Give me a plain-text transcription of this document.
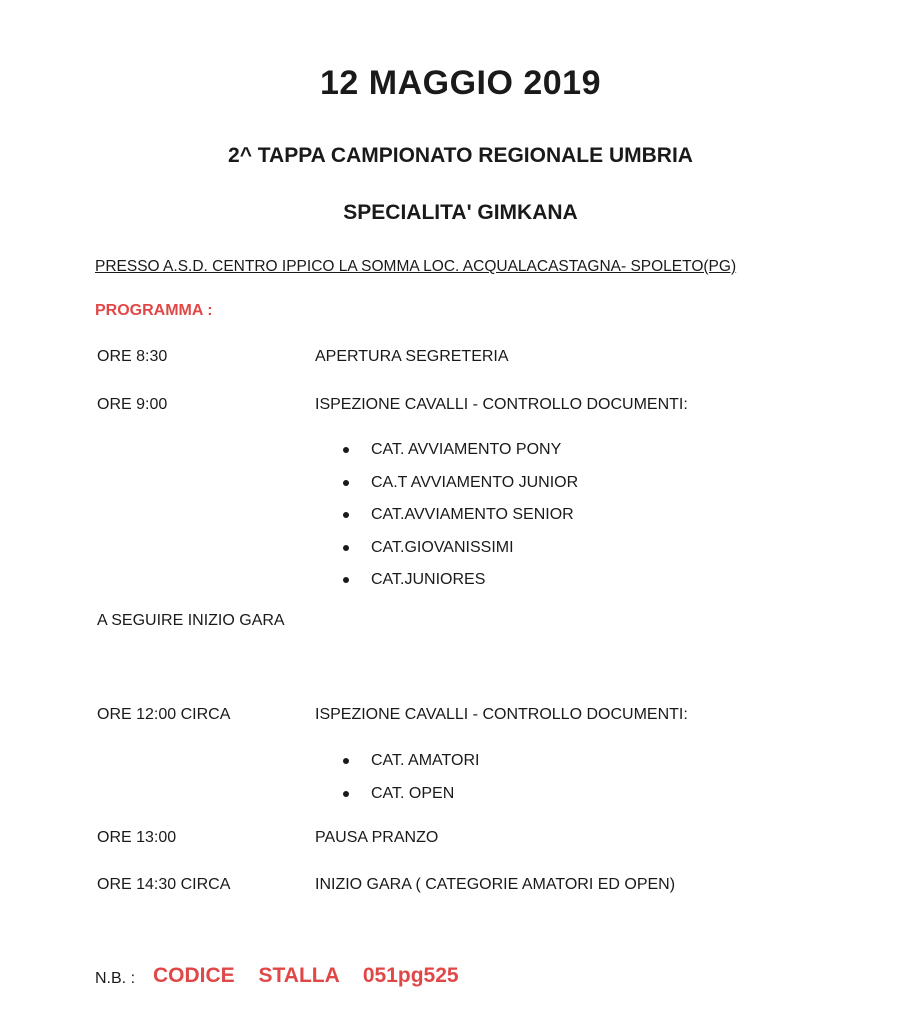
12 MAGGIO 2019
2^ TAPPA CAMPIONATO REGIONALE UMBRIA
SPECIALITA' GIMKANA
PRESSO A.S.D. CENTRO IPPICO LA SOMMA LOC. ACQUALACASTAGNA- SPOLETO(PG)
PROGRAMMA :
ORE 8:30	APERTURA SEGRETERIA
ORE 9:00	ISPEZIONE CAVALLI - CONTROLLO DOCUMENTI:
CAT. AVVIAMENTO PONY
CA.T AVVIAMENTO JUNIOR
CAT.AVVIAMENTO SENIOR
CAT.GIOVANISSIMI
CAT.JUNIORES
A SEGUIRE INIZIO GARA
ORE 12:00 CIRCA	ISPEZIONE CAVALLI - CONTROLLO DOCUMENTI:
CAT. AMATORI
CAT. OPEN
ORE 13:00	PAUSA PRANZO
ORE 14:30 CIRCA	INIZIO GARA ( CATEGORIE AMATORI ED OPEN)
N.B. : CODICE STALLA 051pg525
